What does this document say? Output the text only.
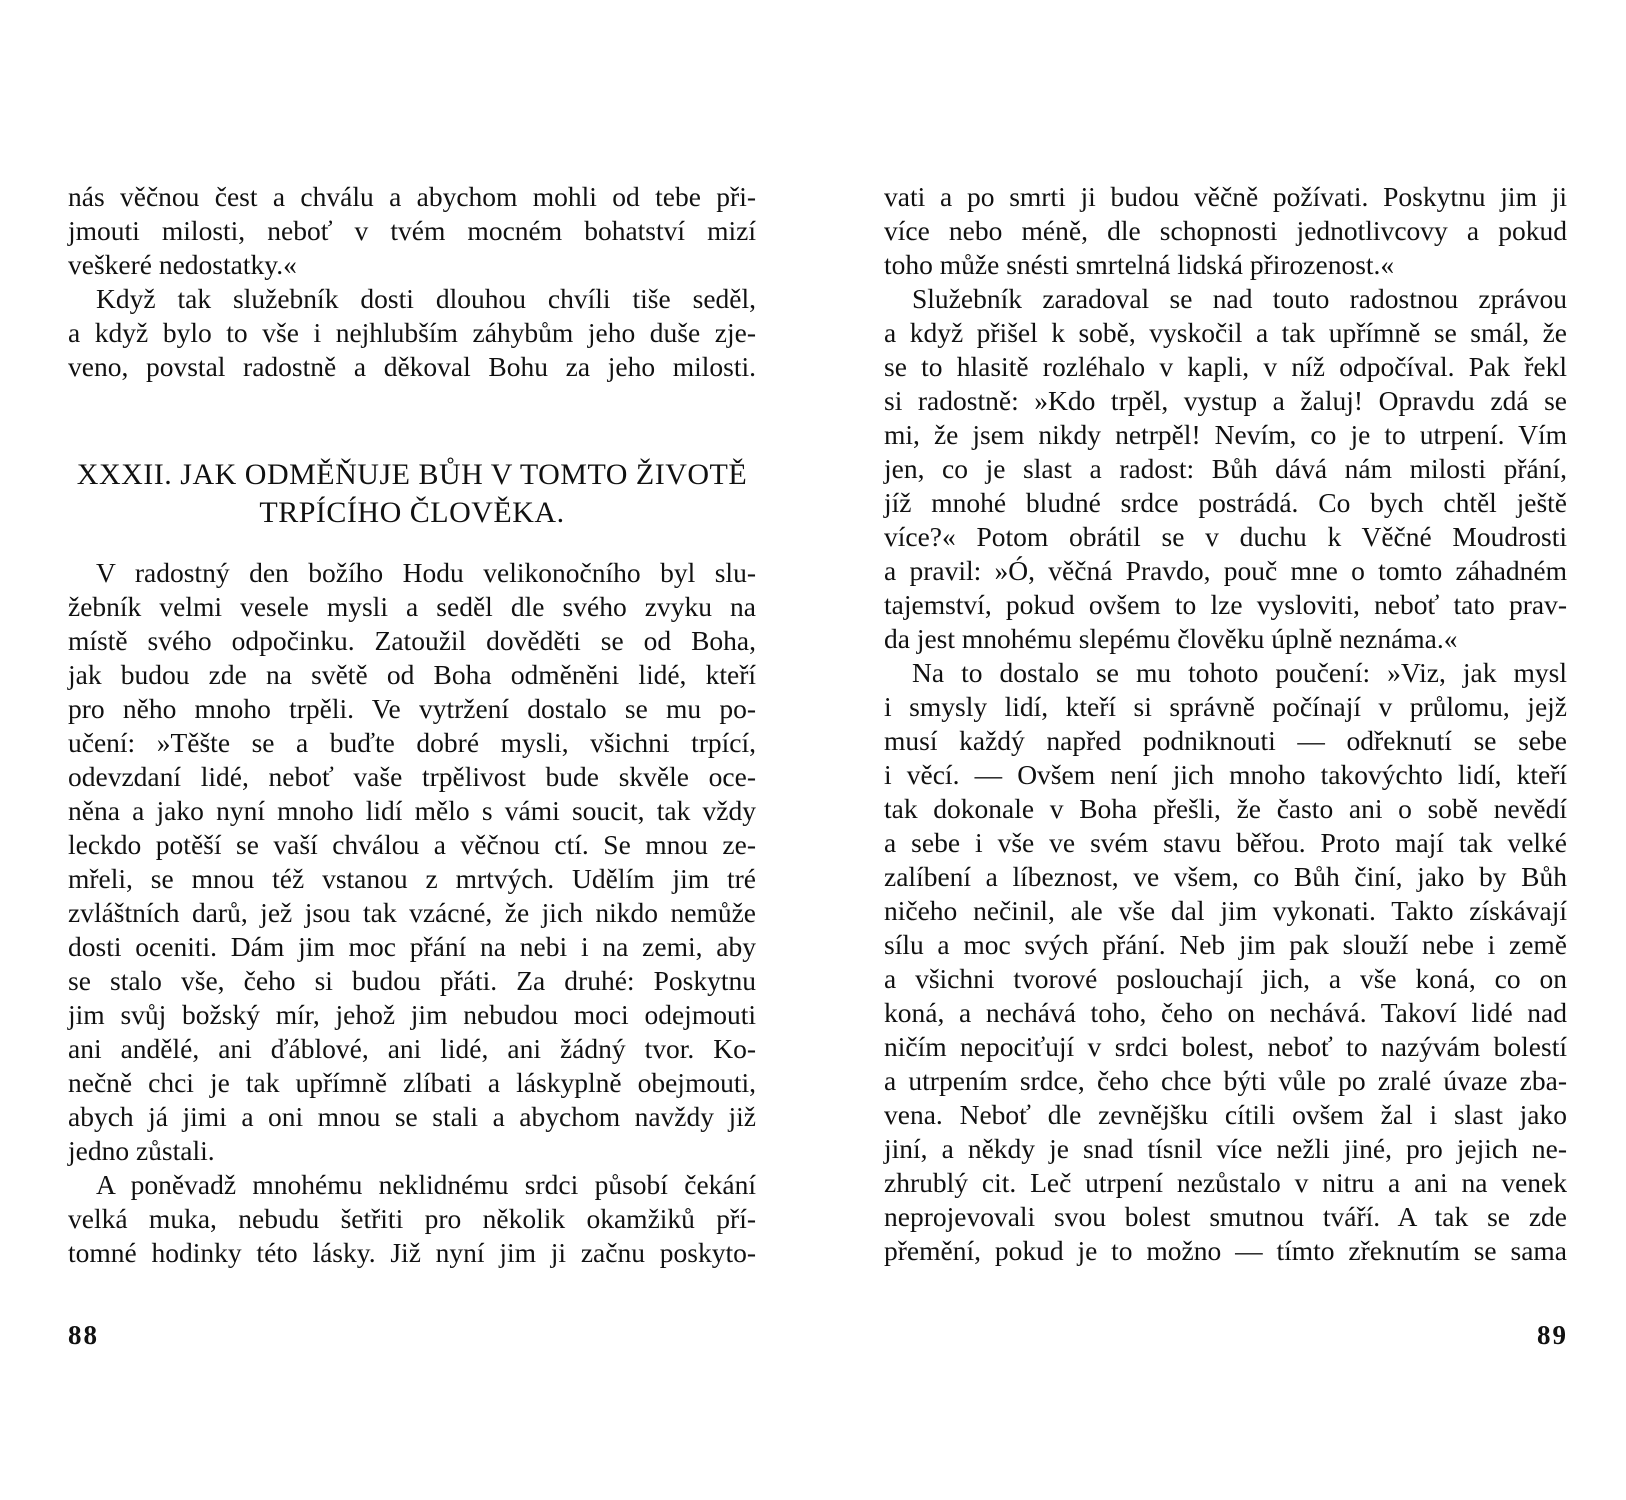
nás věčnou čest a chválu a abychom mohli od tebe při-
jmouti milosti, neboť v tvém mocném bohatství mizí
veškeré nedostatky.«
Když tak služebník dosti dlouhou chvíli tiše seděl,
a když bylo to vše i nejhlubším záhybům jeho duše zje-
veno, povstal radostně a děkoval Bohu za jeho milosti.
XXXII. JAK ODMĚŇUJE BŮH V TOMTO ŽIVOTĚ
TRPÍCÍHO ČLOVĚKA.
V radostný den božího Hodu velikonočního byl slu-
žebník velmi vesele mysli a seděl dle svého zvyku na
místě svého odpočinku. Zatoužil dověděti se od Boha,
jak budou zde na světě od Boha odměněni lidé, kteří
pro něho mnoho trpěli. Ve vytržení dostalo se mu po-
učení: »Těšte se a buďte dobré mysli, všichni trpící,
odevzdaní lidé, neboť vaše trpělivost bude skvěle oce-
něna a jako nyní mnoho lidí mělo s vámi soucit, tak vždy
leckdo potěší se vaší chválou a věčnou ctí. Se mnou ze-
mřeli, se mnou též vstanou z mrtvých. Udělím jim tré
zvláštních darů, jež jsou tak vzácné, že jich nikdo nemůže
dosti oceniti. Dám jim moc přání na nebi i na zemi, aby
se stalo vše, čeho si budou přáti. Za druhé: Poskytnu
jim svůj božský mír, jehož jim nebudou moci odejmouti
ani andělé, ani ďáblové, ani lidé, ani žádný tvor. Ko-
nečně chci je tak upřímně zlíbati a láskyplně obejmouti,
abych já jimi a oni mnou se stali a abychom navždy již
jedno zůstali.
A poněvadž mnohému neklidnému srdci působí čekání
velká muka, nebudu šetřiti pro několik okamžiků pří-
tomné hodinky této lásky. Již nyní jim ji začnu poskyto-
vati a po smrti ji budou věčně požívati. Poskytnu jim ji
více nebo méně, dle schopnosti jednotlivcovy a pokud
toho může snésti smrtelná lidská přirozenost.«
Služebník zaradoval se nad touto radostnou zprávou
a když přišel k sobě, vyskočil a tak upřímně se smál, že
se to hlasitě rozléhalo v kapli, v níž odpočíval. Pak řekl
si radostně: »Kdo trpěl, vystup a žaluj! Opravdu zdá se
mi, že jsem nikdy netrpěl! Nevím, co je to utrpení. Vím
jen, co je slast a radost: Bůh dává nám milosti přání,
jíž mnohé bludné srdce postrádá. Co bych chtěl ještě
více?« Potom obrátil se v duchu k Věčné Moudrosti
a pravil: »Ó, věčná Pravdo, pouč mne o tomto záhadném
tajemství, pokud ovšem to lze vysloviti, neboť tato prav-
da jest mnohému slepému člověku úplně neznáma.«
Na to dostalo se mu tohoto poučení: »Viz, jak mysl
i smysly lidí, kteří si správně počínají v průlomu, jejž
musí každý napřed podniknouti — odřeknutí se sebe
i věcí. — Ovšem není jich mnoho takovýchto lidí, kteří
tak dokonale v Boha přešli, že často ani o sobě nevědí
a sebe i vše ve svém stavu běřou. Proto mají tak velké
zalíbení a líbeznost, ve všem, co Bůh činí, jako by Bůh
ničeho nečinil, ale vše dal jim vykonati. Takto získávají
sílu a moc svých přání. Neb jim pak slouží nebe i země
a všichni tvorové poslouchají jich, a vše koná, co on
koná, a nechává toho, čeho on nechává. Takoví lidé nad
ničím nepociťují v srdci bolest, neboť to nazývám bolestí
a utrpením srdce, čeho chce býti vůle po zralé úvaze zba-
vena. Neboť dle zevnějšku cítili ovšem žal i slast jako
jiní, a někdy je snad tísnil více nežli jiné, pro jejich ne-
zhrublý cit. Leč utrpení nezůstalo v nitru a ani na venek
neprojevovali svou bolest smutnou tváří. A tak se zde
přemění, pokud je to možno — tímto zřeknutím se sama
88	89
